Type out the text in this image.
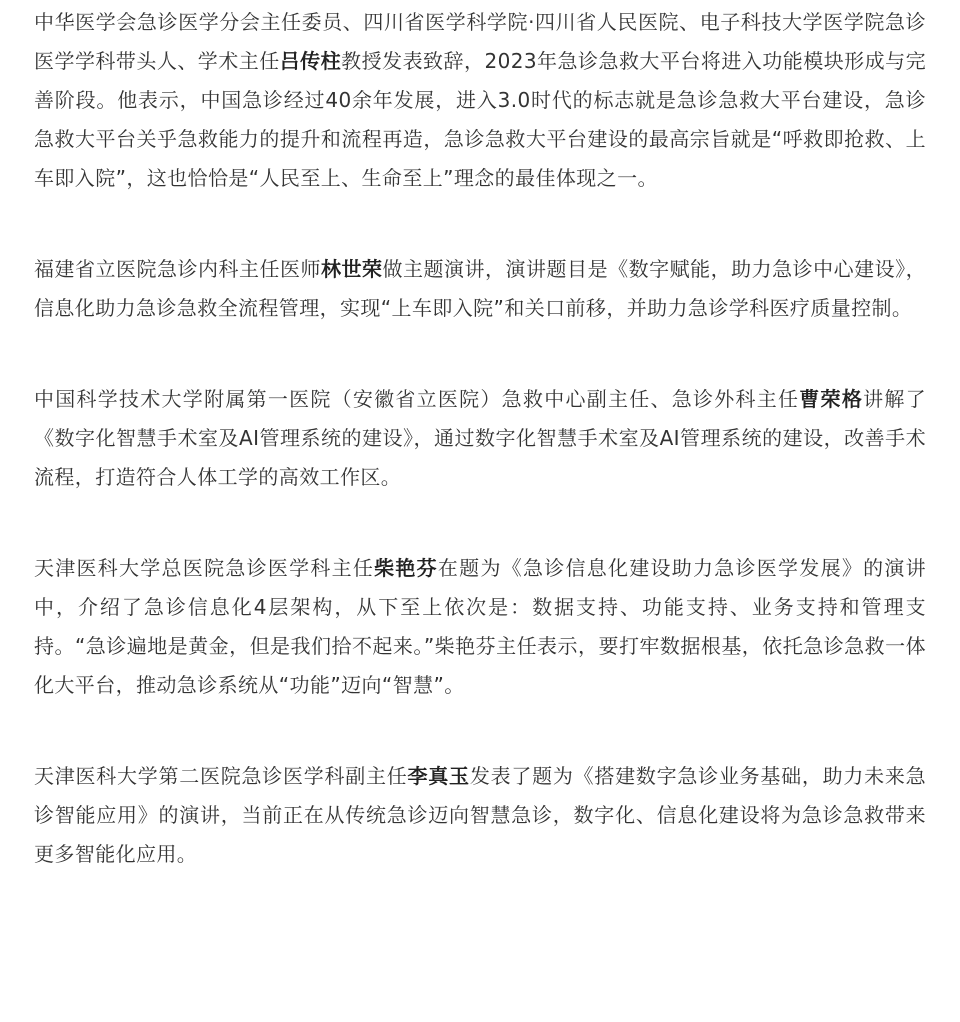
中华医学会急诊医学分会主任委员、四川省医学科学院·四川省人民医院、电子科技大学医学院急诊医学学科带头人、学术主任吕传柱教授发表致辞，2023年急诊急救大平台将进入功能模块形成与完善阶段。他表示，中国急诊经过40余年发展，进入3.0时代的标志就是急诊急救大平台建设，急诊急救大平台关乎急救能力的提升和流程再造，急诊急救大平台建设的最高宗旨就是“呼救即抢救、上车即入院”，这也恰恰是“人民至上、生命至上”理念的最佳体现之一。

福建省立医院急诊内科主任医师林世荣做主题演讲，演讲题目是《数字赋能，助力急诊中心建设》，信息化助力急诊急救全流程管理，实现“上车即入院”和关口前移，并助力急诊学科医疗质量控制。

中国科学技术大学附属第一医院（安徽省立医院）急救中心副主任、急诊外科主任曹荣格讲解了《数字化智慧手术室及AI管理系统的建设》，通过数字化智慧手术室及AI管理系统的建设，改善手术流程，打造符合人体工学的高效工作区。

天津医科大学总医院急诊医学科主任柴艳芬在题为《急诊信息化建设助力急诊医学发展》的演讲中，介绍了急诊信息化4层架构，从下至上依次是：数据支持、功能支持、业务支持和管理支持。“急诊遍地是黄金，但是我们拾不起来。”柴艳芬主任表示，要打牢数据根基，依托急诊急救一体化大平台，推动急诊系统从“功能”迈向“智慧”。

天津医科大学第二医院急诊医学科副主任李真玉发表了题为《搭建数字急诊业务基础，助力未来急诊智能应用》的演讲，当前正在从传统急诊迈向智慧急诊，数字化、信息化建设将为急诊急救带来更多智能化应用。
